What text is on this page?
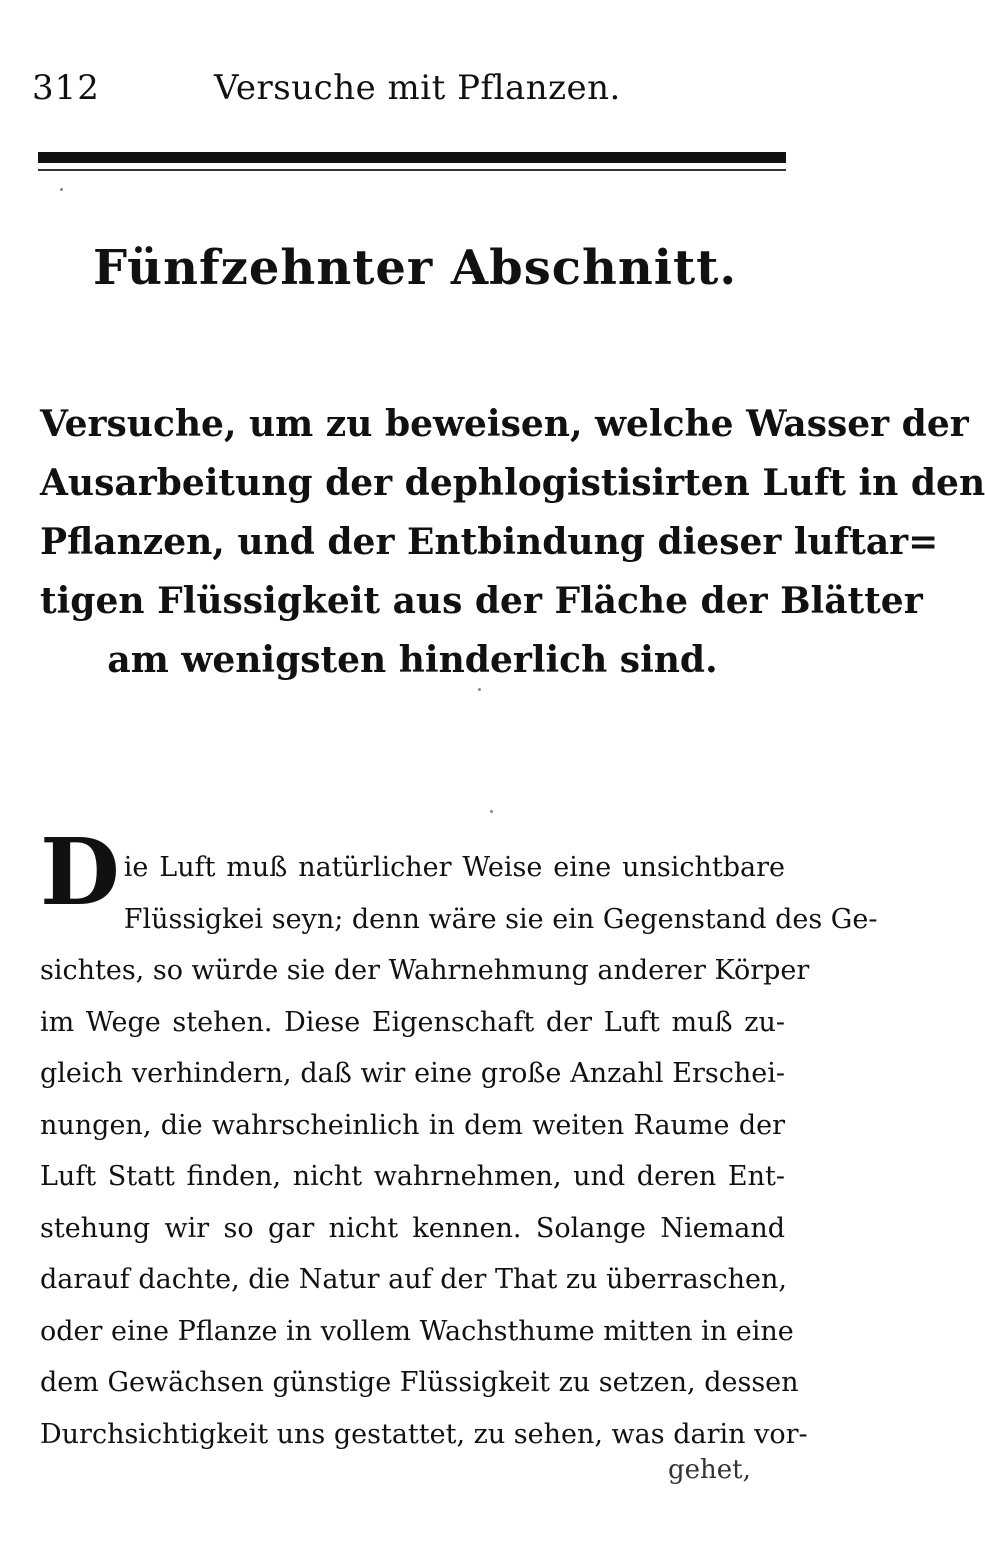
312	Versuche mit Pflanzen.
Fünfzehnter Abschnitt.
Versuche, um zu beweisen, welche Wasser der
Ausarbeitung der dephlogistisirten Luft in den
Pflanzen, und der Entbindung dieser luftar=
tigen Flüssigkeit aus der Fläche der Blätter
am wenigsten hinderlich sind.
D ie Luft muß natürlicher Weise eine unsichtbare
Flüssigkei seyn; denn wäre sie ein Gegenstand des Ge-
sichtes, so würde sie der Wahrnehmung anderer Körper
im Wege stehen. Diese Eigenschaft der Luft muß zu-
gleich verhindern, daß wir eine große Anzahl Erschei-
nungen, die wahrscheinlich in dem weiten Raume der
Luft Statt finden, nicht wahrnehmen, und deren Ent-
stehung wir so gar nicht kennen. Solange Niemand
darauf dachte, die Natur auf der That zu überraschen,
oder eine Pflanze in vollem Wachsthume mitten in eine
dem Gewächsen günstige Flüssigkeit zu setzen, dessen
Durchsichtigkeit uns gestattet, zu sehen, was darin vor-
gehet,
